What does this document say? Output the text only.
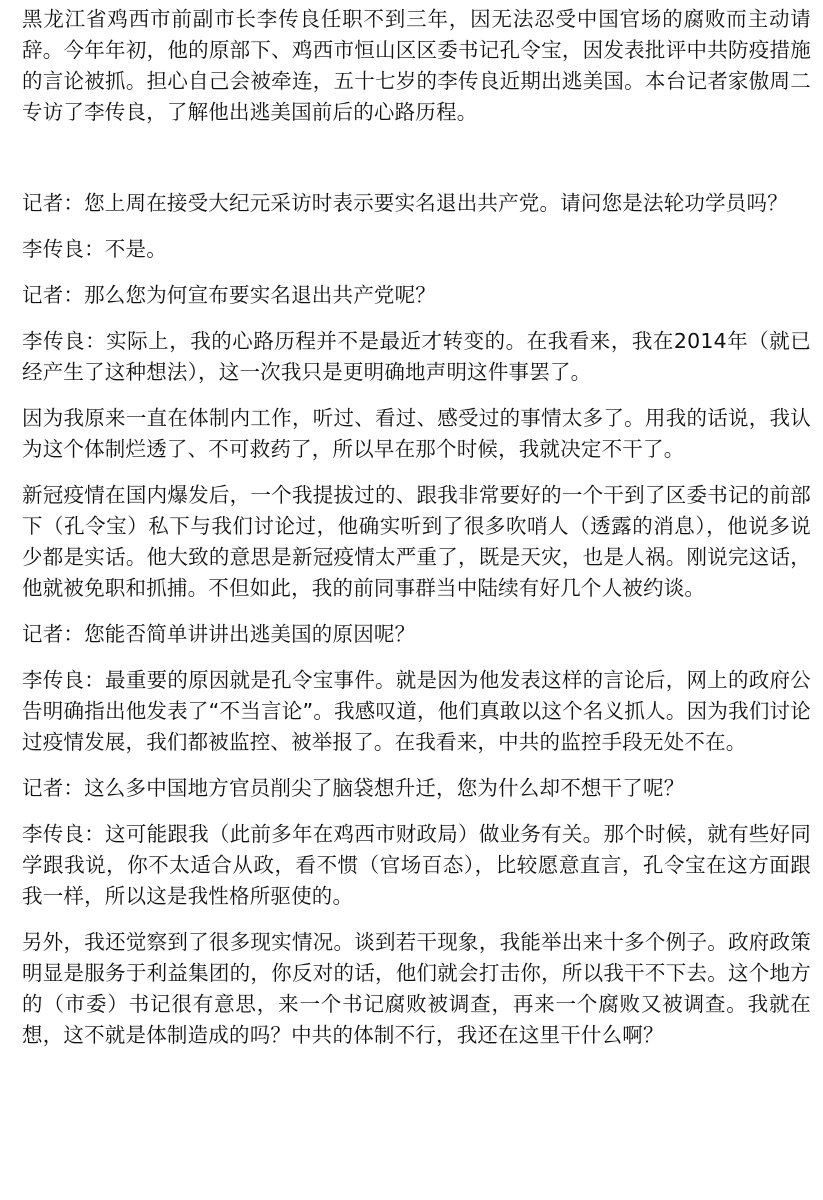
黑龙江省鸡西市前副市长李传良任职不到三年，因无法忍受中国官场的腐败而主动请辞。今年年初，他的原部下、鸡西市恒山区区委书记孔令宝，因发表批评中共防疫措施的言论被抓。担心自己会被牵连，五十七岁的李传良近期出逃美国。本台记者家傲周二专访了李传良，了解他出逃美国前后的心路历程。

记者：您上周在接受大纪元采访时表示要实名退出共产党。请问您是法轮功学员吗？

李传良：不是。

记者：那么您为何宣布要实名退出共产党呢？

李传良：实际上，我的心路历程并不是最近才转变的。在我看来，我在2014年（就已经产生了这种想法），这一次我只是更明确地声明这件事罢了。

因为我原来一直在体制内工作，听过、看过、感受过的事情太多了。用我的话说，我认为这个体制烂透了、不可救药了，所以早在那个时候，我就决定不干了。

新冠疫情在国内爆发后，一个我提拔过的、跟我非常要好的一个干到了区委书记的前部下（孔令宝）私下与我们讨论过，他确实听到了很多吹哨人（透露的消息），他说多说少都是实话。他大致的意思是新冠疫情太严重了，既是天灾，也是人祸。刚说完这话，他就被免职和抓捕。不但如此，我的前同事群当中陆续有好几个人被约谈。

记者：您能否简单讲讲出逃美国的原因呢？

李传良：最重要的原因就是孔令宝事件。就是因为他发表这样的言论后，网上的政府公告明确指出他发表了“不当言论”。我感叹道，他们真敢以这个名义抓人。因为我们讨论过疫情发展，我们都被监控、被举报了。在我看来，中共的监控手段无处不在。

记者：这么多中国地方官员削尖了脑袋想升迁，您为什么却不想干了呢？

李传良：这可能跟我（此前多年在鸡西市财政局）做业务有关。那个时候，就有些好同学跟我说，你不太适合从政，看不惯（官场百态），比较愿意直言，孔令宝在这方面跟我一样，所以这是我性格所驱使的。

另外，我还觉察到了很多现实情况。谈到若干现象，我能举出来十多个例子。政府政策明显是服务于利益集团的，你反对的话，他们就会打击你，所以我干不下去。这个地方的（市委）书记很有意思，来一个书记腐败被调查，再来一个腐败又被调查。我就在想，这不就是体制造成的吗？中共的体制不行，我还在这里干什么啊？
